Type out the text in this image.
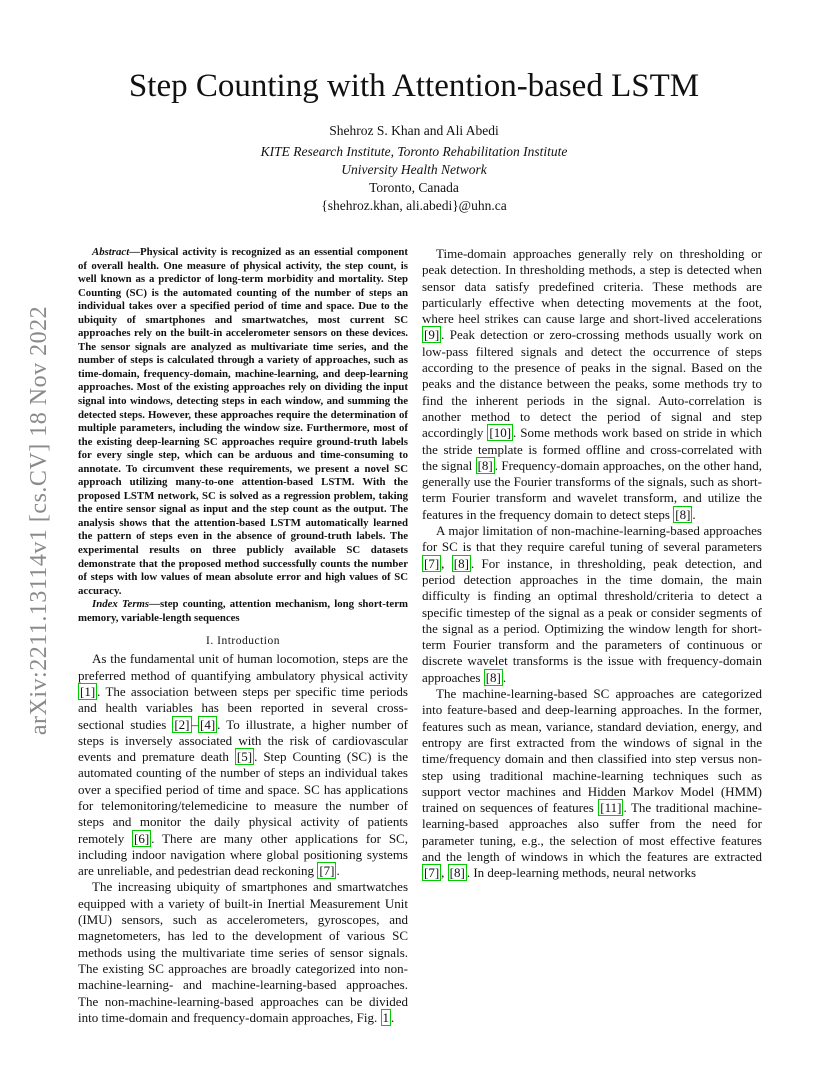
arXiv:2211.13114v1 [cs.CV] 18 Nov 2022
Step Counting with Attention-based LSTM
Shehroz S. Khan and Ali Abedi
KITE Research Institute, Toronto Rehabilitation Institute
University Health Network
Toronto, Canada
{shehroz.khan, ali.abedi}@uhn.ca

Abstract—Physical activity is recognized as an essential component of overall health. One measure of physical activity, the step count, is well known as a predictor of long-term morbidity and mortality. Step Counting (SC) is the automated counting of the number of steps an individual takes over a specified period of time and space. Due to the ubiquity of smartphones and smartwatches, most current SC approaches rely on the built-in accelerometer sensors on these devices. The sensor signals are analyzed as multivariate time series, and the number of steps is calculated through a variety of approaches, such as time-domain, frequency-domain, machine-learning, and deep-learning approaches. Most of the existing approaches rely on dividing the input signal into windows, detecting steps in each window, and summing the detected steps. However, these approaches require the determination of multiple parameters, including the window size. Furthermore, most of the existing deep-learning SC approaches require ground-truth labels for every single step, which can be arduous and time-consuming to annotate. To circumvent these requirements, we present a novel SC approach utilizing many-to-one attention-based LSTM. With the proposed LSTM network, SC is solved as a regression problem, taking the entire sensor signal as input and the step count as the output. The analysis shows that the attention-based LSTM automatically learned the pattern of steps even in the absence of ground-truth labels. The experimental results on three publicly available SC datasets demonstrate that the proposed method successfully counts the number of steps with low values of mean absolute error and high values of SC accuracy.

Index Terms—step counting, attention mechanism, long short-term memory, variable-length sequences

I. Introduction

As the fundamental unit of human locomotion, steps are the preferred method of quantifying ambulatory physical activity [1] . The association between steps per specific time periods and health variables has been reported in several cross-sectional studies [2] – [4] . To illustrate, a higher number of steps is inversely associated with the risk of cardiovascular events and premature death [5] . Step Counting (SC) is the automated counting of the number of steps an individual takes over a specified period of time and space. SC has applications for telemonitoring/telemedicine to measure the number of steps and monitor the daily physical activity of patients remotely [6] . There are many other applications for SC, including indoor navigation where global positioning systems are unreliable, and pedestrian dead reckoning [7] .

The increasing ubiquity of smartphones and smartwatches equipped with a variety of built-in Inertial Measurement Unit (IMU) sensors, such as accelerometers, gyroscopes, and magnetometers, has led to the development of various SC methods using the multivariate time series of sensor signals. The existing SC approaches are broadly categorized into non-machine-learning- and machine-learning-based approaches. The non-machine-learning-based approaches can be divided into time-domain and frequency-domain approaches, Fig. 1 .

Time-domain approaches generally rely on thresholding or peak detection. In thresholding methods, a step is detected when sensor data satisfy predefined criteria. These methods are particularly effective when detecting movements at the foot, where heel strikes can cause large and short-lived accelerations [9] . Peak detection or zero-crossing methods usually work on low-pass filtered signals and detect the occurrence of steps according to the presence of peaks in the signal. Based on the peaks and the distance between the peaks, some methods try to find the inherent periods in the signal. Auto-correlation is another method to detect the period of signal and step accordingly [10] . Some methods work based on stride in which the stride template is formed offline and cross-correlated with the signal [8] . Frequency-domain approaches, on the other hand, generally use the Fourier transforms of the signals, such as short-term Fourier transform and wavelet transform, and utilize the features in the frequency domain to detect steps [8] .

A major limitation of non-machine-learning-based approaches for SC is that they require careful tuning of several parameters [7] , [8] . For instance, in thresholding, peak detection, and period detection approaches in the time domain, the main difficulty is finding an optimal threshold/criteria to detect a specific timestep of the signal as a peak or consider segments of the signal as a period. Optimizing the window length for short-term Fourier transform and the parameters of continuous or discrete wavelet transforms is the issue with frequency-domain approaches [8] .

The machine-learning-based SC approaches are categorized into feature-based and deep-learning approaches. In the former, features such as mean, variance, standard deviation, energy, and entropy are first extracted from the windows of signal in the time/frequency domain and then classified into step versus non-step using traditional machine-learning techniques such as support vector machines and Hidden Markov Model (HMM) trained on sequences of features [11] . The traditional machine-learning-based approaches also suffer from the need for parameter tuning, e.g., the selection of most effective features and the length of windows in which the features are extracted [7] , [8] . In deep-learning methods, neural networks
